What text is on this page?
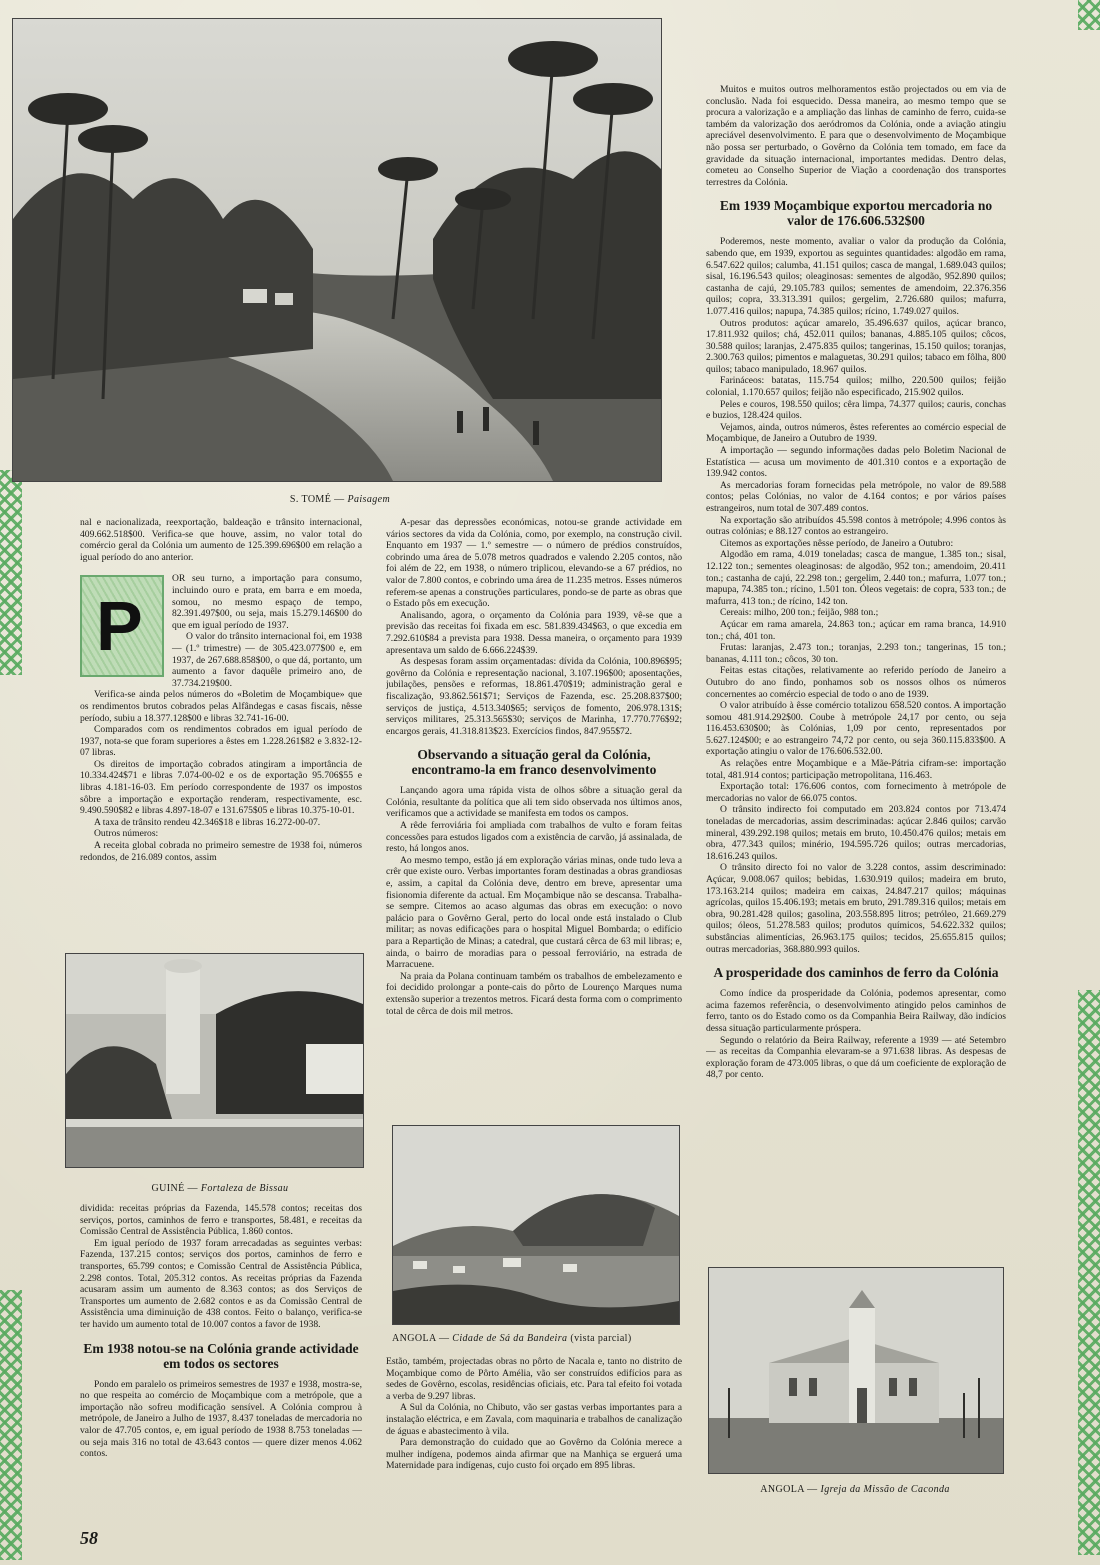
S. TOMÉ — Paisagem

nal e nacionalizada, reexportação, baldeação e trânsito internacional, 409.662.518$00. Verifica-se que houve, assim, no valor total do comércio geral da Colónia um aumento de 125.399.696$00 em relação a igual período do ano anterior.

P

OR seu turno, a importação para consumo, incluindo ouro e prata, em barra e em moeda, somou, no mesmo espaço de tempo, 82.391.497$00, ou seja, mais 15.279.146$00 do que em igual período de 1937.

O valor do trânsito internacional foi, em 1938 — (1.º trimestre) — de 305.423.077$00 e, em 1937, de 267.688.858$00, o que dá, portanto, um aumento a favor daquêle primeiro ano, de 37.734.219$00.

Verifica-se ainda pelos números do «Boletim de Moçambique» que os rendimentos brutos cobrados pelas Alfândegas e casas fiscais, nêsse período, subiu a 18.377.128$00 e libras 32.741-16-00.

Comparados com os rendimentos cobrados em igual período de 1937, nota-se que foram superiores a êstes em 1.228.261$82 e 3.832-12-07 libras.

Os direitos de importação cobrados atingiram a importância de 10.334.424$71 e libras 7.074-00-02 e os de exportação 95.706$55 e libras 4.181-16-03. Em período correspondente de 1937 os impostos sôbre a importação e exportação renderam, respectivamente, esc. 9.490.590$82 e libras 4.897-18-07 e 131.675$05 e libras 10.375-10-01.

A taxa de trânsito rendeu 42.346$18 e libras 16.272-00-07.

Outros números:

A receita global cobrada no primeiro semestre de 1938 foi, números redondos, de 216.089 contos, assim

GUINÉ — Fortaleza de Bissau

dividida: receitas próprias da Fazenda, 145.578 contos; receitas dos serviços, portos, caminhos de ferro e transportes, 58.481, e receitas da Comissão Central de Assistência Pública, 1.860 contos.

Em igual período de 1937 foram arrecadadas as seguintes verbas: Fazenda, 137.215 contos; serviços dos portos, caminhos de ferro e transportes, 65.799 contos; e Comissão Central de Assistência Pública, 2.298 contos. Total, 205.312 contos. As receitas próprias da Fazenda acusaram assim um aumento de 8.363 contos; as dos Serviços de Transportes um aumento de 2.682 contos e as da Comissão Central de Assistência uma diminuição de 438 contos. Feito o balanço, verifica-se ter havido um aumento total de 10.007 contos a favor de 1938.

Em 1938 notou-se na Colónia grande actividade em todos os sectores

Pondo em paralelo os primeiros semestres de 1937 e 1938, mostra-se, no que respeita ao comércio de Moçambique com a metrópole, que a importação não sofreu modificação sensível. A Colónia comprou à metrópole, de Janeiro a Julho de 1937, 8.437 toneladas de mercadoria no valor de 47.705 contos, e, em igual período de 1938 8.753 toneladas — ou seja mais 316 no total de 43.643 contos — quere dizer menos 4.062 contos.

A-pesar das depressões económicas, notou-se grande actividade em vários sectores da vida da Colónia, como, por exemplo, na construção civil. Enquanto em 1937 — 1.º semestre — o número de prédios construídos, cobrindo uma área de 5.078 metros quadrados e valendo 2.205 contos, não foi além de 22, em 1938, o número triplicou, elevando-se a 67 prédios, no valor de 7.800 contos, e cobrindo uma área de 11.235 metros. Esses números referem-se apenas a construções particulares, pondo-se de parte as obras que o Estado pôs em execução.

Analisando, agora, o orçamento da Colónia para 1939, vê-se que a previsão das receitas foi fixada em esc. 581.839.434$63, o que excedia em 7.292.610$84 a prevista para 1938. Dessa maneira, o orçamento para 1939 apresentava um saldo de 6.666.224$39.

As despesas foram assim orçamentadas: dívida da Colónia, 100.896$95; govêrno da Colónia e representação nacional, 3.107.196$00; aposentações, jubilações, pensões e reformas, 18.861.470$19; administração geral e fiscalização, 93.862.561$71; Serviços de Fazenda, esc. 25.208.837$00; serviços de justiça, 4.513.340$65; serviços de fomento, 206.978.131$; serviços militares, 25.313.565$30; serviços de Marinha, 17.770.776$92; encargos gerais, 41.318.813$23. Exercícios findos, 847.955$72.

Observando a situação geral da Colónia, encontramo-la em franco desenvolvimento

Lançando agora uma rápida vista de olhos sôbre a situação geral da Colónia, resultante da política que ali tem sido observada nos últimos anos, verificamos que a actividade se manifesta em todos os campos.

A rêde ferroviária foi ampliada com trabalhos de vulto e foram feitas concessões para estudos ligados com a existência de carvão, já assinalada, de resto, há longos anos.

Ao mesmo tempo, estão já em exploração várias minas, onde tudo leva a crêr que existe ouro. Verbas importantes foram destinadas a obras grandiosas e, assim, a capital da Colónia deve, dentro em breve, apresentar uma fisionomia diferente da actual. Em Moçambique não se descansa. Trabalha-se sempre. Citemos ao acaso algumas das obras em execução: o novo palácio para o Govêrno Geral, perto do local onde está instalado o Club militar; as novas edificações para o hospital Miguel Bombarda; o edifício para a Repartição de Minas; a catedral, que custará cêrca de 63 mil libras; e, ainda, o bairro de moradias para o pessoal ferroviário, na estrada de Marracuene.

Na praia da Polana continuam também os trabalhos de embelezamento e foi decidido prolongar a ponte-cais do pôrto de Lourenço Marques numa extensão superior a trezentos metros. Ficará desta forma com o comprimento total de cêrca de dois mil metros.

ANGOLA — Cidade de Sá da Bandeira (vista parcial)

Estão, também, projectadas obras no pôrto de Nacala e, tanto no distrito de Moçambique como de Pôrto Amélia, vão ser construídos edifícios para as sedes de Govêrno, escolas, residências oficiais, etc. Para tal efeito foi votada a verba de 9.297 libras.

A Sul da Colónia, no Chibuto, vão ser gastas verbas importantes para a instalação eléctrica, e em Zavala, com maquinaria e trabalhos de canalização de águas e abastecimento à vila.

Para demonstração do cuidado que ao Govêrno da Colónia merece a mulher indígena, podemos ainda afirmar que na Manhiça se erguerá uma Maternidade para indígenas, cujo custo foi orçado em 895 libras.

Muitos e muitos outros melhoramentos estão projectados ou em via de conclusão. Nada foi esquecido. Dessa maneira, ao mesmo tempo que se procura a valorização e a ampliação das linhas de caminho de ferro, cuida-se também da valorização dos aeródromos da Colónia, onde a aviação atingiu apreciável desenvolvimento. E para que o desenvolvimento de Moçambique não possa ser perturbado, o Govêrno da Colónia tem tomado, em face da gravidade da situação internacional, importantes medidas. Dentro delas, cometeu ao Conselho Superior de Viação a coordenação dos transportes terrestres da Colónia.

Em 1939 Moçambique exportou mercadoria no valor de 176.606.532$00

Poderemos, neste momento, avaliar o valor da produção da Colónia, sabendo que, em 1939, exportou as seguintes quantidades: algodão em rama, 6.547.622 quilos; calumba, 41.151 quilos; casca de mangal, 1.689.043 quilos; sisal, 16.196.543 quilos; oleaginosas: sementes de algodão, 952.890 quilos; castanha de cajú, 29.105.783 quilos; sementes de amendoim, 22.376.356 quilos; copra, 33.313.391 quilos; gergelim, 2.726.680 quilos; mafurra, 1.077.416 quilos; napupa, 74.385 quilos; rícino, 1.749.027 quilos.

Outros produtos: açúcar amarelo, 35.496.637 quilos, açúcar branco, 17.811.932 quilos; chá, 452.011 quilos; bananas, 4.885.105 quilos; côcos, 30.588 quilos; laranjas, 2.475.835 quilos; tangerinas, 15.150 quilos; toranjas, 2.300.763 quilos; pimentos e malaguetas, 30.291 quilos; tabaco em fôlha, 800 quilos; tabaco manipulado, 18.967 quilos.

Farináceos: batatas, 115.754 quilos; milho, 220.500 quilos; feijão colonial, 1.170.657 quilos; feijão não especificado, 215.902 quilos.

Peles e couros, 198.550 quilos; cêra limpa, 74.377 quilos; cauris, conchas e buzios, 128.424 quilos.

Vejamos, ainda, outros números, êstes referentes ao comércio especial de Moçambique, de Janeiro a Outubro de 1939.

A importação — segundo informações dadas pelo Boletim Nacional de Estatística — acusa um movimento de 401.310 contos e a exportação de 139.942 contos.

As mercadorias foram fornecidas pela metrópole, no valor de 89.588 contos; pelas Colónias, no valor de 4.164 contos; e por vários países estrangeiros, num total de 307.489 contos.

Na exportação são atribuídos 45.598 contos à metrópole; 4.996 contos às outras colónias; e 88.127 contos ao estrangeiro.

Citemos as exportações nêsse período, de Janeiro a Outubro:

Algodão em rama, 4.019 toneladas; casca de mangue, 1.385 ton.; sisal, 12.122 ton.; sementes oleaginosas: de algodão, 952 ton.; amendoim, 20.411 ton.; castanha de cajú, 22.298 ton.; gergelim, 2.440 ton.; mafurra, 1.077 ton.; mapupa, 74.385 ton.; rícino, 1.501 ton. Óleos vegetais: de copra, 533 ton.; de mafurra, 413 ton.; de rícino, 142 ton.

Cereais: milho, 200 ton.; feijão, 988 ton.;

Açúcar em rama amarela, 24.863 ton.; açúcar em rama branca, 14.910 ton.; chá, 401 ton.

Frutas: laranjas, 2.473 ton.; toranjas, 2.293 ton.; tangerinas, 15 ton.; bananas, 4.111 ton.; côcos, 30 ton.

Feitas estas citações, relativamente ao referido período de Janeiro a Outubro do ano findo, ponhamos sob os nossos olhos os números concernentes ao comércio especial de todo o ano de 1939.

O valor atribuído à êsse comércio totalizou 658.520 contos. A importação somou 481.914.292$00. Coube à metrópole 24,17 por cento, ou seja 116.453.630$00; às Colónias, 1,09 por cento, representados por 5.627.124$00; e ao estrangeiro 74,72 por cento, ou seja 360.115.833$00. A exportação atingiu o valor de 176.606.532.00.

As relações entre Moçambique e a Mãe-Pátria cifram-se: importação total, 481.914 contos; participação metropolitana, 116.463.

Exportação total: 176.606 contos, com fornecimento à metrópole de mercadorias no valor de 66.075 contos.

O trânsito indirecto foi computado em 203.824 contos por 713.474 toneladas de mercadorias, assim descriminadas: açúcar 2.846 quilos; carvão mineral, 439.292.198 quilos; metais em bruto, 10.450.476 quilos; metais em obra, 477.343 quilos; minério, 194.595.726 quilos; outras mercadorias, 18.616.243 quilos.

O trânsito directo foi no valor de 3.228 contos, assim descriminado: Açúcar, 9.008.067 quilos; bebidas, 1.630.919 quilos; madeira em bruto, 173.163.214 quilos; madeira em caixas, 24.847.217 quilos; máquinas agrícolas, quilos 15.406.193; metais em bruto, 291.789.316 quilos; metais em obra, 90.281.428 quilos; gasolina, 203.558.895 litros; petróleo, 21.669.279 quilos; óleos, 51.278.583 quilos; produtos químicos, 54.622.332 quilos; substâncias alimentícias, 26.963.175 quilos; tecidos, 25.655.815 quilos; outras mercadorias, 368.880.993 quilos.

A prosperidade dos caminhos de ferro da Colónia

Como índice da prosperidade da Colónia, podemos apresentar, como acima fazemos referência, o desenvolvimento atingido pelos caminhos de ferro, tanto os do Estado como os da Companhia Beira Railway, dão indícios dessa situação particularmente próspera.

Segundo o relatório da Beira Railway, referente a 1939 — até Setembro — as receitas da Companhia elevaram-se a 971.638 libras. As despesas de exploração foram de 473.005 libras, o que dá um coeficiente de exploração de 48,7 por cento.

ANGOLA — Igreja da Missão de Caconda
58
